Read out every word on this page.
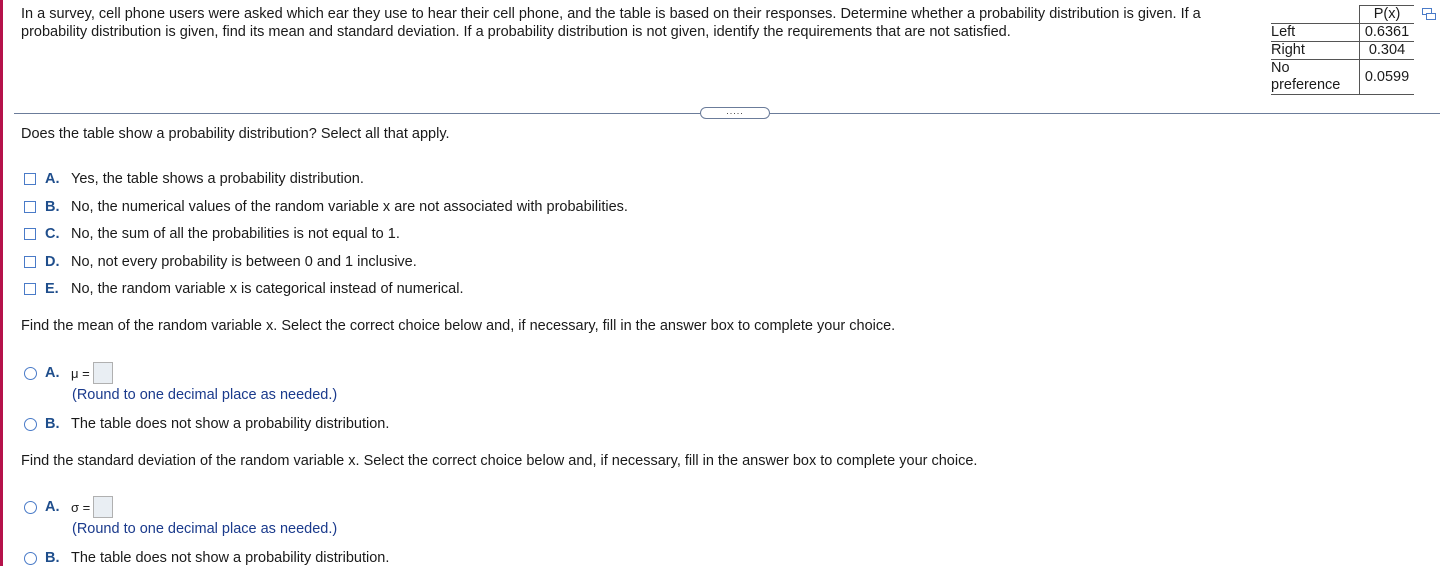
In a survey, cell phone users were asked which ear they use to hear their cell phone, and the table is based on their responses. Determine whether a probability distribution is given. If a probability distribution is given, find its mean and standard deviation. If a probability distribution is not given, identify the requirements that are not satisfied.
	P(x)
Left	0.6361
Right	0.304

No
preference	0.0599
.....
Does the table show a probability distribution? Select all that apply.
A. Yes, the table shows a probability distribution.
B. No, the numerical values of the random variable x are not associated with probabilities.
C. No, the sum of all the probabilities is not equal to 1.
D. No, not every probability is between 0 and 1 inclusive.
E. No, the random variable x is categorical instead of numerical.
Find the mean of the random variable x. Select the correct choice below and, if necessary, fill in the answer box to complete your choice.
A. μ =
(Round to one decimal place as needed.)
B. The table does not show a probability distribution.
Find the standard deviation of the random variable x. Select the correct choice below and, if necessary, fill in the answer box to complete your choice.
A. σ =
(Round to one decimal place as needed.)
B. The table does not show a probability distribution.
